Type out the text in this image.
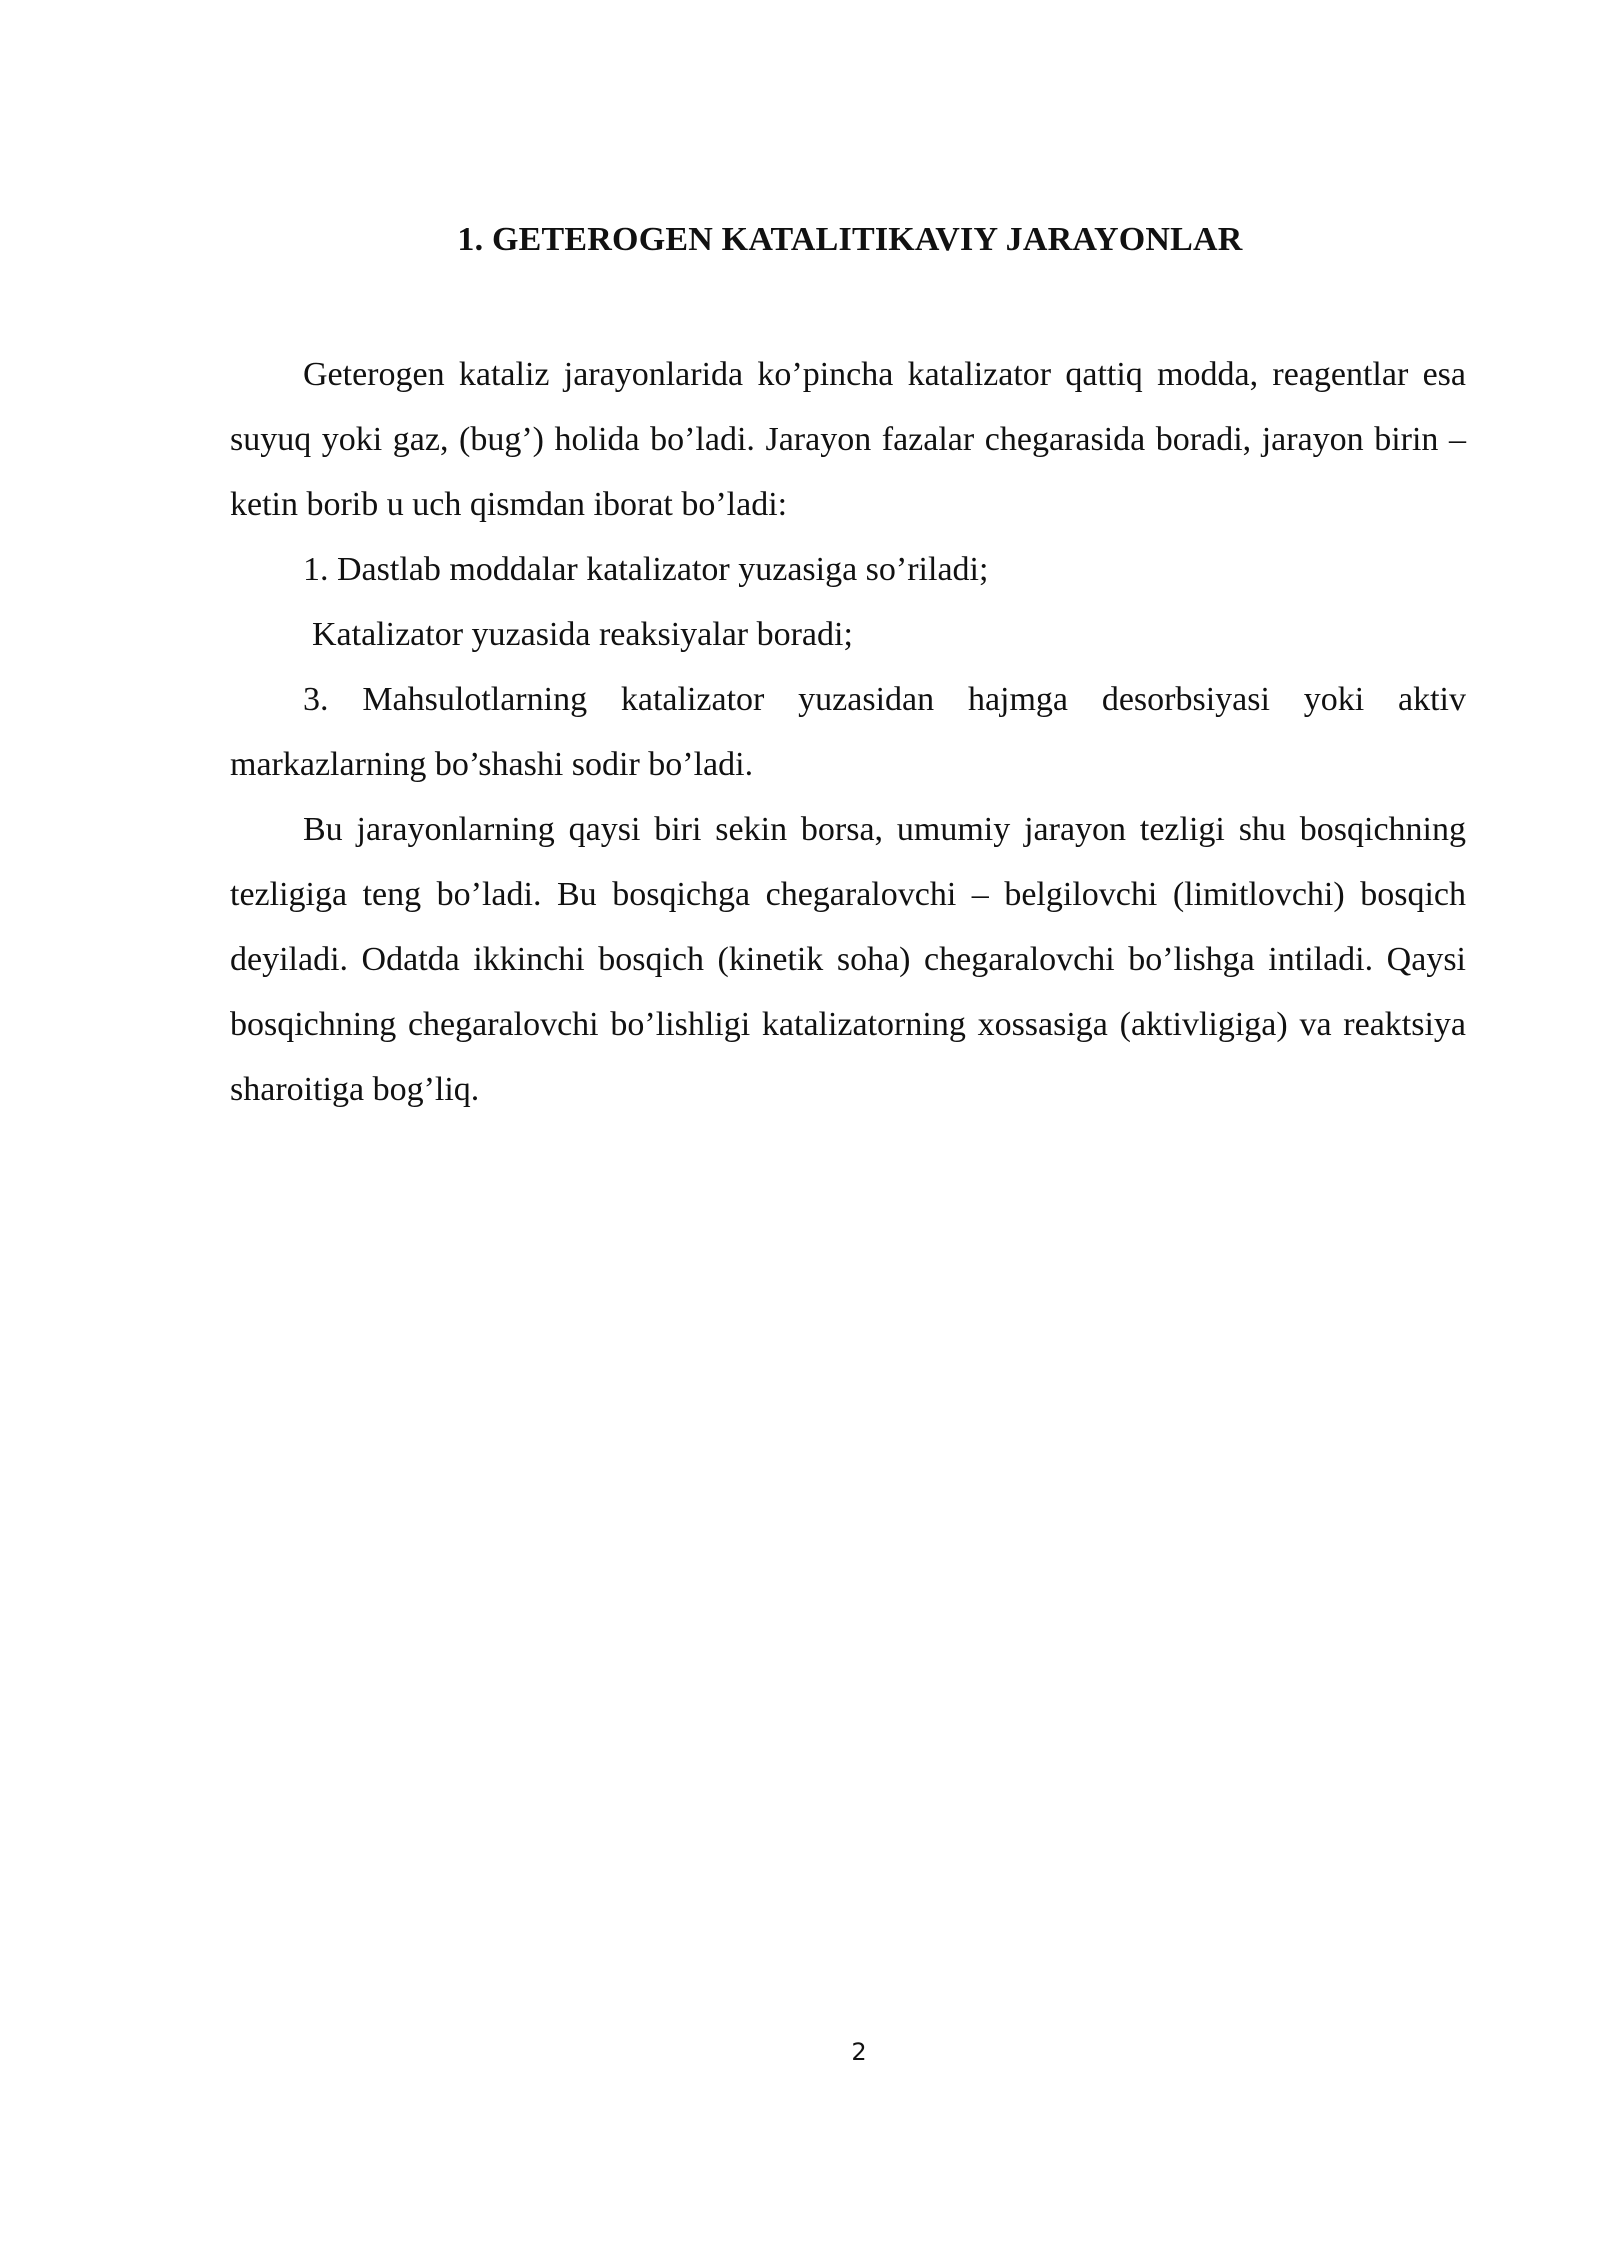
1. GETEROGEN KATALITIKAVIY JARAYONLAR

Geterogen kataliz jarayonlarida ko’pincha katalizator qattiq modda, reagentlar esa suyuq yoki gaz, (bug’) holida bo’ladi. Jarayon fazalar chegarasida boradi, jarayon birin – ketin borib u uch qismdan iborat bo’ladi:

1. Dastlab moddalar katalizator yuzasiga so’riladi;

Katalizator yuzasida reaksiyalar boradi;

3. Mahsulotlarning katalizator yuzasidan hajmga desorbsiyasi yoki aktiv markazlarning bo’shashi sodir bo’ladi.

Bu jarayonlarning qaysi biri sekin borsa, umumiy jarayon tezligi shu bosqichning tezligiga teng bo’ladi. Bu bosqichga chegaralovchi – belgilovchi (limitlovchi) bosqich deyiladi. Odatda ikkinchi bosqich (kinetik soha) chegaralovchi bo’lishga intiladi. Qaysi bosqichning chegaralovchi bo’lishligi katalizatorning xossasiga (aktivligiga) va reaktsiya sharoitiga bog’liq.

2
